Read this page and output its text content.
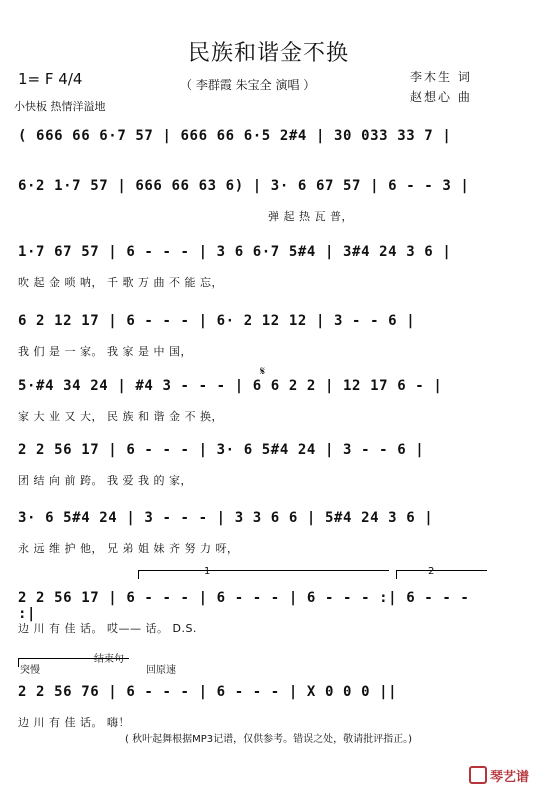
民族和谐金不换
1= F 4/4
小快板 热情洋溢地
（ 李群霞 朱宝全 演唱 ）
李木生 词
赵想心 曲
( 666 66 6·7 57 | 666 66 6·5 2#4 | 30 033 33 7 |
6·2 1·7 57 | 666 66 63 6) | 3· 6 67 57 | 6 - - 3 |
弹 起 热 瓦 普，
1·7 67 57 | 6 - - - | 3 6 6·7 5#4 | 3#4 24 3 6 |
吹 起 金 唢 呐， 千 歌 万 曲 不 能 忘，
6 2 12 17 | 6 - - - | 6· 2 12 12 | 3 - - 6 |
我 们 是 一 家。 我 家 是 中 国，
𝄋
5·#4 34 24 | #4 3 - - - | 6 6 2 2 | 12 17 6 - |
家 大 业 又 大， 民 族 和 谐 金 不 换，
2 2 56 17 | 6 - - - | 3· 6 5#4 24 | 3 - - 6 |
团 结 向 前 跨。 我 爱 我 的 家，
3· 6 5#4 24 | 3 - - - | 3 3 6 6 | 5#4 24 3 6 |
永 远 维 护 他， 兄 弟 姐 妹 齐 努 力 呀，
1	2
2 2 56 17 | 6 - - - | 6 - - - | 6 - - - :| 6 - - - :|
边 川 有 佳 话。 哎—— 话。 D.S.
突慢
结束句
回原速
2 2 56 76 | 6 - - - | 6 - - - | X 0 0 0 ||
边 川 有 佳 话。 嗨！
( 秋叶起舞根据MP3记谱，仅供参考。错误之处，敬请批评指正。)
琴艺谱
